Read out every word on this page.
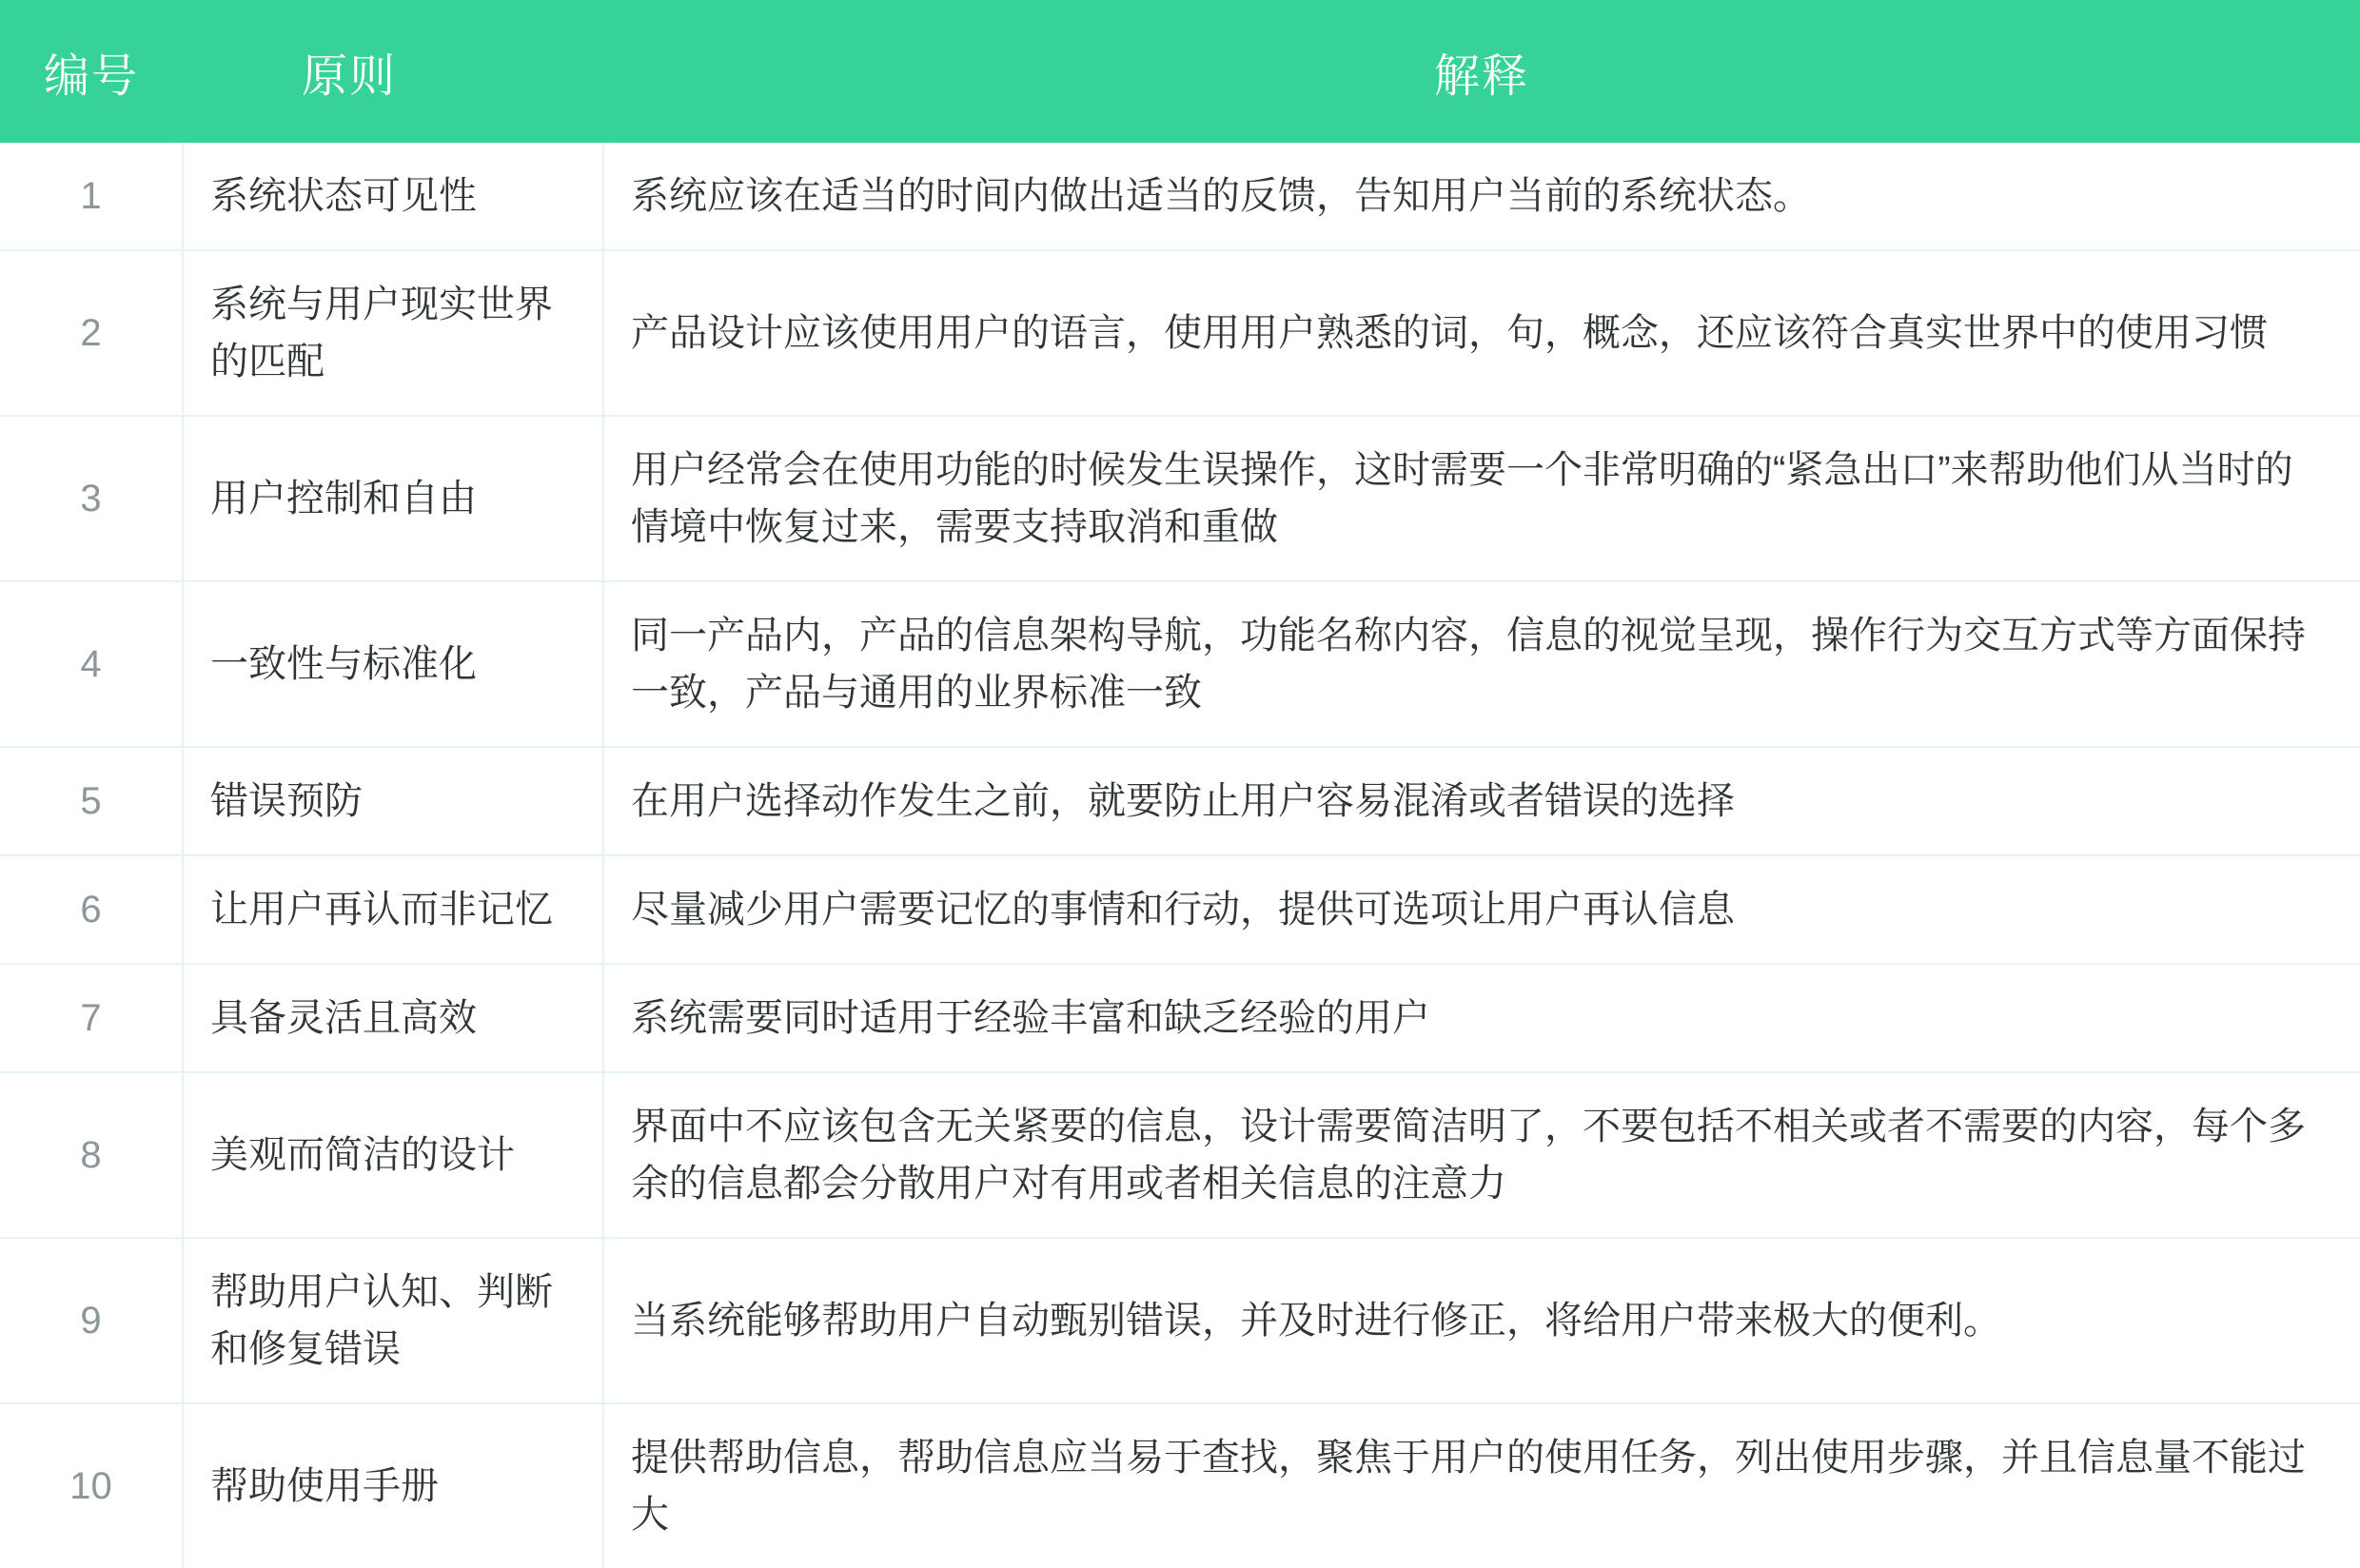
编号	原则	解释
1	系统状态可见性	系统应该在适当的时间内做出适当的反馈，告知用户当前的系统状态。
2	系统与用户现实世界的匹配	产品设计应该使用用户的语言，使用用户熟悉的词，句，概念，还应该符合真实世界中的使用习惯
3	用户控制和自由	用户经常会在使用功能的时候发生误操作，这时需要一个非常明确的“紧急出口”来帮助他们从当时的情境中恢复过来，需要支持取消和重做
4	一致性与标准化	同一产品内，产品的信息架构导航，功能名称内容，信息的视觉呈现，操作行为交互方式等方面保持一致，产品与通用的业界标准一致
5	错误预防	在用户选择动作发生之前，就要防止用户容易混淆或者错误的选择
6	让用户再认而非记忆	尽量减少用户需要记忆的事情和行动，提供可选项让用户再认信息
7	具备灵活且高效	系统需要同时适用于经验丰富和缺乏经验的用户
8	美观而简洁的设计	界面中不应该包含无关紧要的信息，设计需要简洁明了，不要包括不相关或者不需要的内容，每个多余的信息都会分散用户对有用或者相关信息的注意力
9	帮助用户认知、判断和修复错误	当系统能够帮助用户自动甄别错误，并及时进行修正，将给用户带来极大的便利。
10	帮助使用手册	提供帮助信息，帮助信息应当易于查找，聚焦于用户的使用任务，列出使用步骤，并且信息量不能过大
